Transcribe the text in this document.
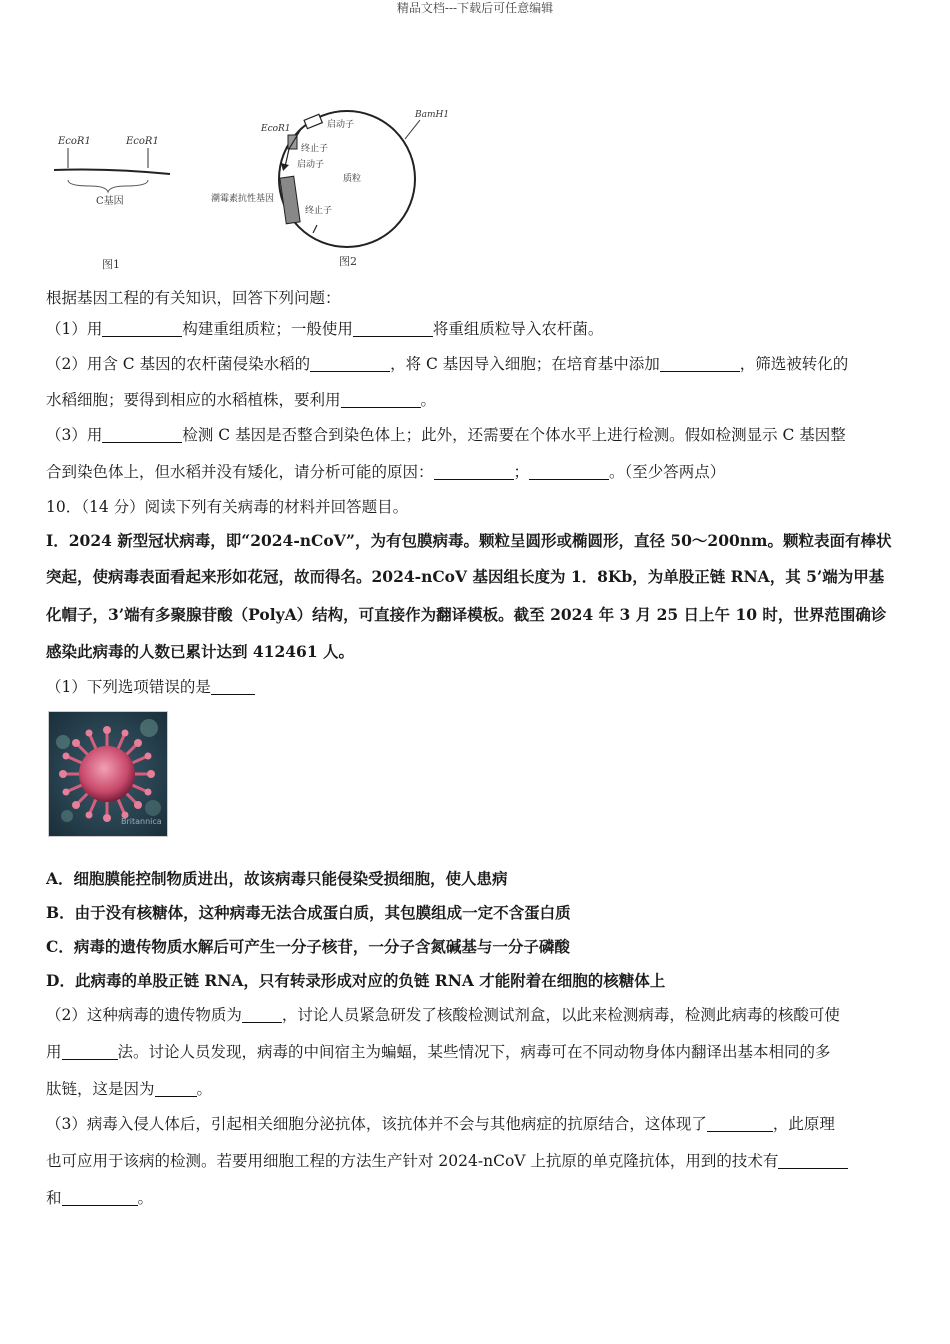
精品文档---下载后可任意编辑
EcoR1	EcoR1
C基因
图1
EcoR1
BamH1
启动子
终止子
启动子
质粒
潮霉素抗性基因
终止子
图2
根据基因工程的有关知识，回答下列问题：
（1）用	构建重组质粒；一般使用	将重组质粒导入农杆菌。
（2）用含 C 基因的农杆菌侵染水稻的	，将 C 基因导入细胞；在培育基中添加	，筛选被转化的
水稻细胞；要得到相应的水稻植株，要利用	。
（3）用	检测 C 基因是否整合到染色体上；此外，还需要在个体水平上进行检测。假如检测显示 C 基因整
合到染色体上，但水稻并没有矮化，请分析可能的原因：	；	。（至少答两点）
10．（14 分）阅读下列有关病毒的材料并回答题目。
Ⅰ．2024 新型冠状病毒，即“2024-nCoV”，为有包膜病毒。颗粒呈圆形或椭圆形，直径 50～200nm。颗粒表面有棒状
突起，使病毒表面看起来形如花冠，故而得名。2024-nCoV 基因组长度为 1．8Kb，为单股正链 RNA，其 5’端为甲基
化帽子，3’端有多聚腺苷酸（PolyA）结构，可直接作为翻译模板。截至 2024 年 3 月 25 日上午 10 时，世界范围确诊
感染此病毒的人数已累计达到 412461 人。
（1）下列选项错误的是
Britannica
A．细胞膜能控制物质进出，故该病毒只能侵染受损细胞，使人患病
B．由于没有核糖体，这种病毒无法合成蛋白质，其包膜组成一定不含蛋白质
C．病毒的遗传物质水解后可产生一分子核苷，一分子含氮碱基与一分子磷酸
D．此病毒的单股正链 RNA，只有转录形成对应的负链 RNA 才能附着在细胞的核糖体上
（2）这种病毒的遗传物质为	，讨论人员紧急研发了核酸检测试剂盒，以此来检测病毒，检测此病毒的核酸可使
用	法。讨论人员发现，病毒的中间宿主为蝙蝠，某些情况下，病毒可在不同动物身体内翻译出基本相同的多
肽链，这是因为	。
（3）病毒入侵人体后，引起相关细胞分泌抗体，该抗体并不会与其他病症的抗原结合，这体现了	，此原理
也可应用于该病的检测。若要用细胞工程的方法生产针对 2024-nCoV 上抗原的单克隆抗体，用到的技术有
和	。
